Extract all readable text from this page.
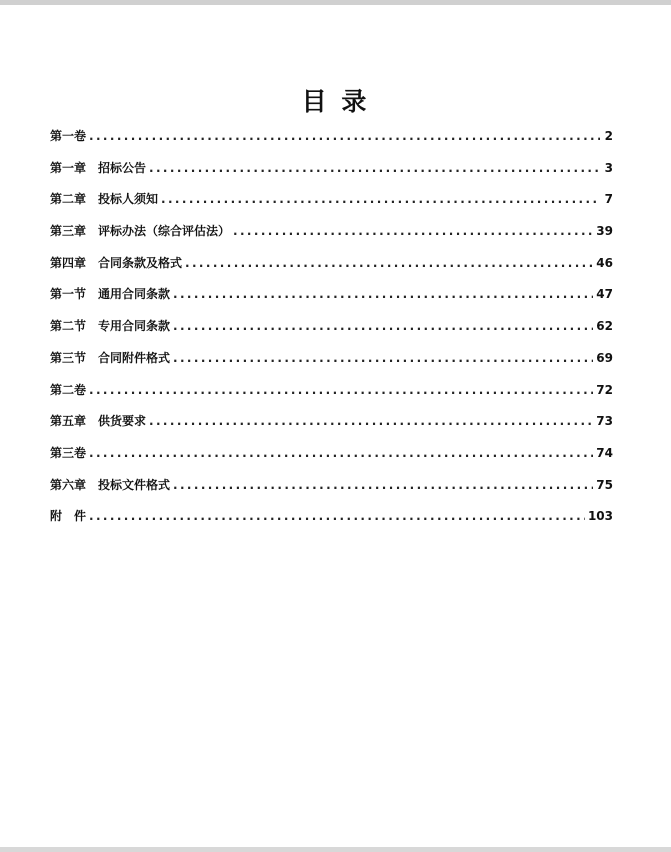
目 录
第一卷 .....	2
第一章　招标公告 .....	3
第二章　投标人须知 .....	7
第三章　评标办法（综合评估法） .....	39
第四章　合同条款及格式 .....	46
第一节　通用合同条款 .....	47
第二节　专用合同条款 .....	62
第三节　合同附件格式 .....	69
第二卷 .....	72
第五章　供货要求 .....	73
第三卷 .....	74
第六章　投标文件格式 .....	75
附　件 .....	103
